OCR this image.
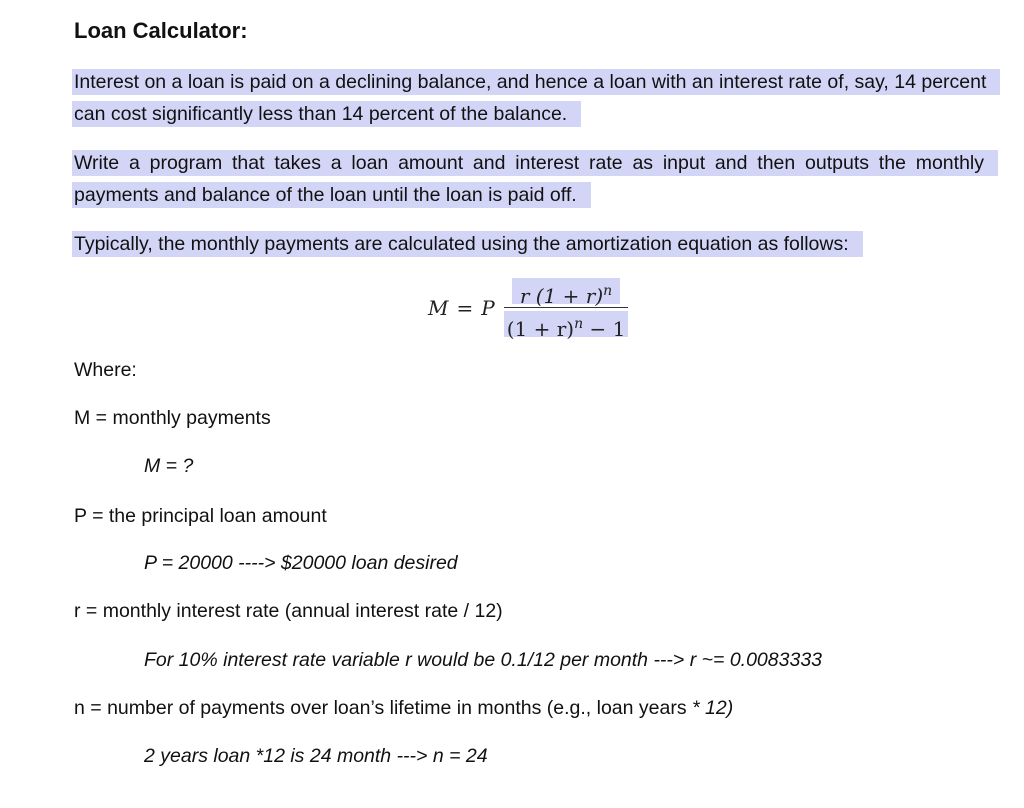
Loan Calculator:

Interest on a loan is paid on a declining balance, and hence a loan with an interest rate of, say, 14 percent can cost significantly less than 14 percent of the balance.

Write a program that takes a loan amount and interest rate as input and then outputs the monthly payments and balance of the loan until the loan is paid off.

Typically, the monthly payments are calculated using the amortization equation as follows:

M = P	r $(1 + r)^n$
$(1 + r)^n - 1$

Where:

M = monthly payments

M = ?

P = the principal loan amount

P = 20000 ----> $20000 loan desired

r = monthly interest rate (annual interest rate / 12)

For 10% interest rate variable r would be 0.1/12 per month ---> r ~= 0.0083333

n = number of payments over loan’s lifetime in months (e.g., loan years * 12)

2 years loan *12 is 24 month ---> n = 24
